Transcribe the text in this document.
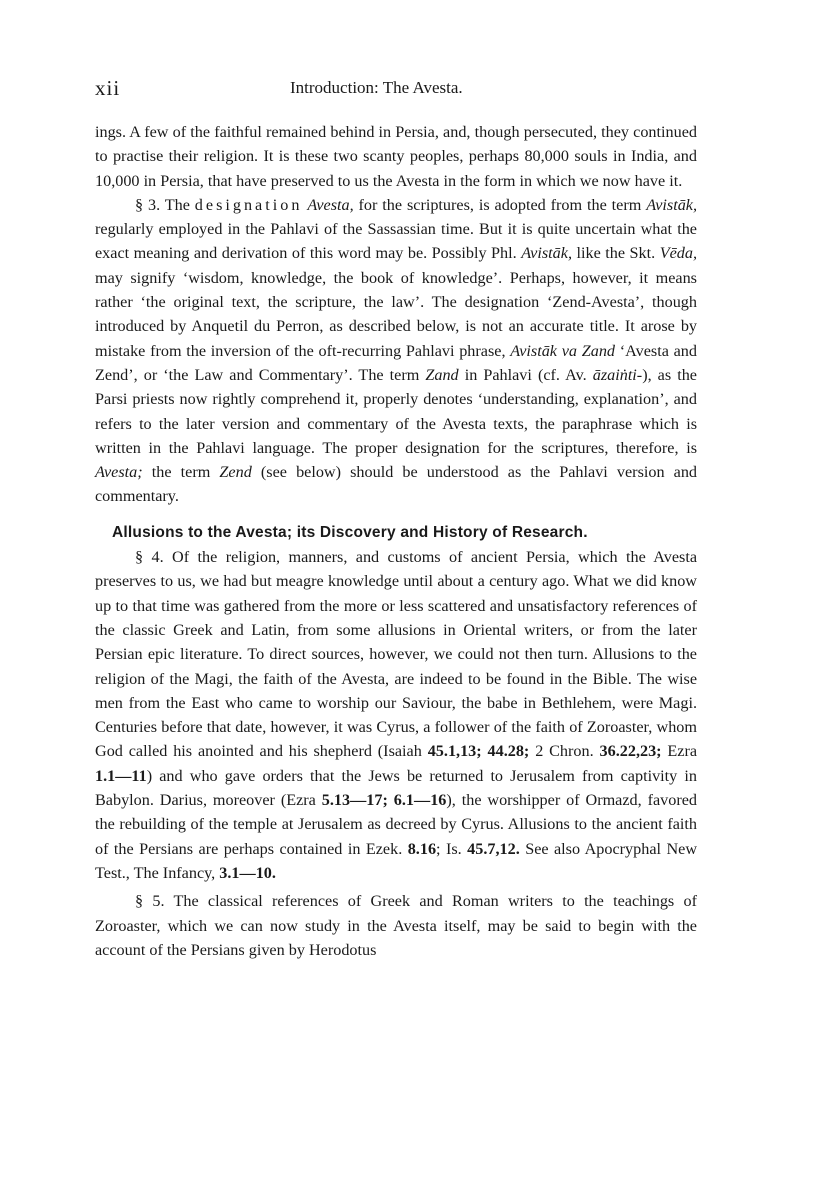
xii	Introduction: The Avesta.

ings. A few of the faithful remained behind in Persia, and, though persecuted, they continued to practise their religion. It is these two scanty peoples, perhaps 80,000 souls in India, and 10,000 in Persia, that have preserved to us the Avesta in the form in which we now have it.

§ 3. The designation Avesta, for the scriptures, is adopted from the term Avistāk, regularly employed in the Pahlavi of the Sassassian time. But it is quite uncertain what the exact meaning and derivation of this word may be. Possibly Phl. Avistāk, like the Skt. Vēda, may signify ‘wisdom, knowledge, the book of knowledge’. Perhaps, however, it means rather ‘the original text, the scripture, the law’. The designation ‘Zend-Avesta’, though introduced by Anquetil du Perron, as described below, is not an accurate title. It arose by mistake from the inversion of the oft-recurring Pahlavi phrase, Avistāk va Zand ‘Avesta and Zend’, or ‘the Law and Commentary’. The term Zand in Pahlavi (cf. Av. āzaiṅti-), as the Parsi priests now rightly comprehend it, properly denotes ‘understanding, explanation’, and refers to the later version and commentary of the Avesta texts, the paraphrase which is written in the Pahlavi language. The proper designation for the scriptures, therefore, is Avesta; the term Zend (see below) should be understood as the Pahlavi version and commentary.

Allusions to the Avesta; its Discovery and History of Research.

§ 4. Of the religion, manners, and customs of ancient Persia, which the Avesta preserves to us, we had but meagre knowledge until about a century ago. What we did know up to that time was gathered from the more or less scattered and unsatisfactory references of the classic Greek and Latin, from some allusions in Oriental writers, or from the later Persian epic literature. To direct sources, however, we could not then turn. Allusions to the religion of the Magi, the faith of the Avesta, are indeed to be found in the Bible. The wise men from the East who came to worship our Saviour, the babe in Bethlehem, were Magi. Centuries before that date, however, it was Cyrus, a follower of the faith of Zoroaster, whom God called his anointed and his shepherd (Isaiah 45.1,13; 44.28; 2 Chron. 36.22,23; Ezra 1.1—11) and who gave orders that the Jews be returned to Jerusalem from captivity in Babylon. Darius, moreover (Ezra 5.13—17; 6.1—16), the worshipper of Ormazd, favored the rebuilding of the temple at Jerusalem as decreed by Cyrus. Allusions to the ancient faith of the Persians are perhaps contained in Ezek. 8.16; Is. 45.7,12. See also Apocryphal New Test., The Infancy, 3.1—10.

§ 5. The classical references of Greek and Roman writers to the teachings of Zoroaster, which we can now study in the Avesta itself, may be said to begin with the account of the Persians given by Herodotus
